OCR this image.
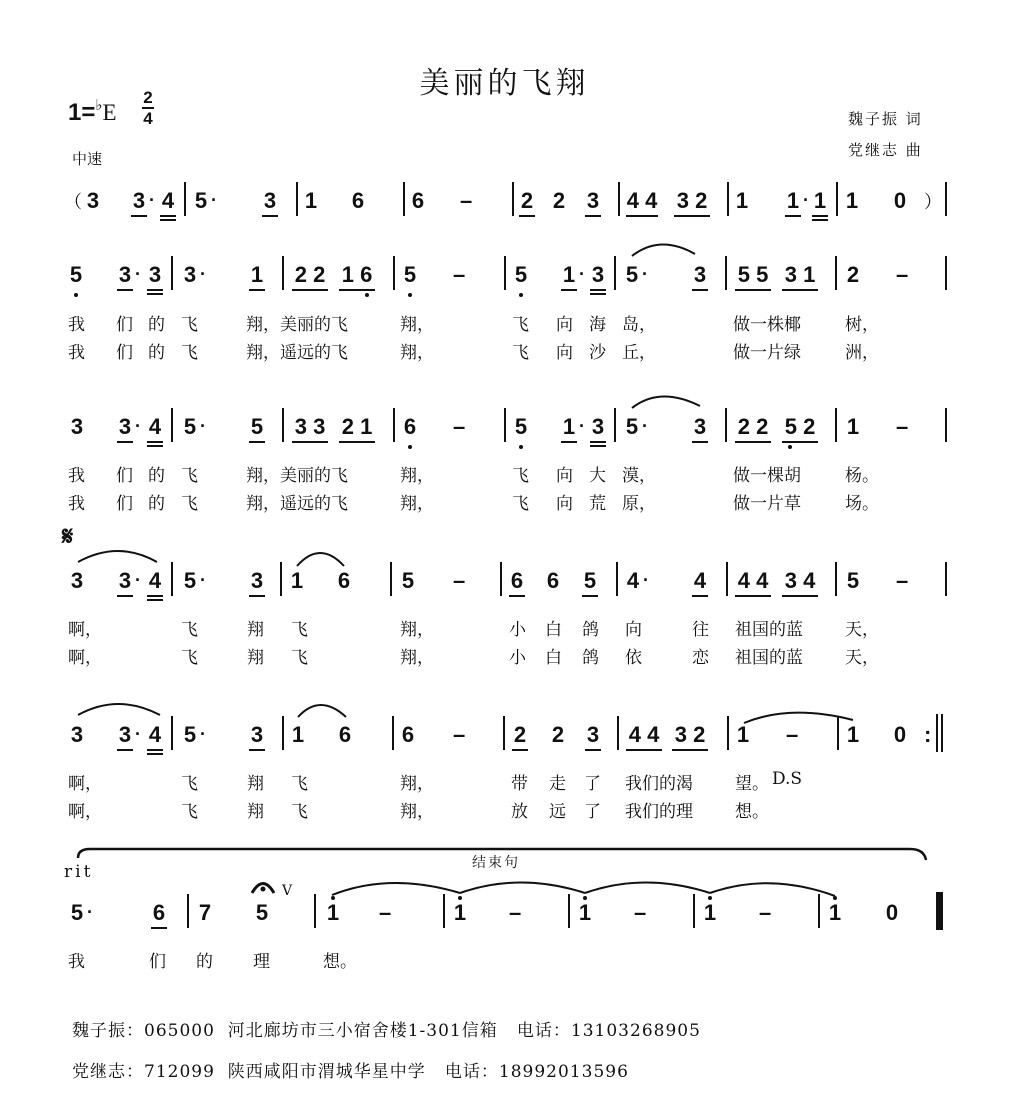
美丽的飞翔
1=♭E
2
4
中速
魏子振 词
党继志 曲
（ 3 3 · 4 5 · 3 1 6 6 – 2 2 3 4 4 3 2 1 1 · 1 1 0 ）
5 3 · 3 3 · 1 2 2 1 6 5 – 5 1 · 3 5 · 3 5 5 3 1 2 –
我 们 的 飞	翔，美丽的飞	翔，	飞 向 海 岛，	做一株椰	树，
我 们 的 飞	翔，遥远的飞	翔，	飞 向 沙 丘，	做一片绿	洲，
3 3 · 4 5 · 5 3 3 2 1 6 – 5 1 · 3 5 · 3 2 2 5 2 1 –
我 们 的 飞	翔，美丽的飞	翔，	飞 向 大 漠，	做一棵胡	杨。
我 们 的 飞	翔，遥远的飞	翔，	飞 向 荒 原，	做一片草	场。
𝄋
3 3 · 4 5 · 3 1 6 5 – 6 6 5 4 · 4 4 4 3 4 5 –
啊，	飞	翔 飞	翔，	小 白 鸽 向	往 祖国的蓝 天，
啊，	飞	翔 飞	翔，	小 白 鸽 依	恋 祖国的蓝 天，
3 3 · 4 5 · 3 1 6 6 – 2 2 3 4 4 3 2 1 – 1 0 :
啊，	飞	翔 飞	翔，	带 走 了 我们的渴 望。 D.S
啊，	飞	翔 飞	翔，	放 远 了 我们的理 想。
rit	结束句
V
5 ·	6 7 5	1 –	1 –	1 –	1 –	1 0
我	们 的 理	想。
魏子振：065000  河北廊坊市三小宿舍楼1-301信箱   电话：13103268905
党继志：712099  陕西咸阳市渭城华星中学   电话：18992013596
